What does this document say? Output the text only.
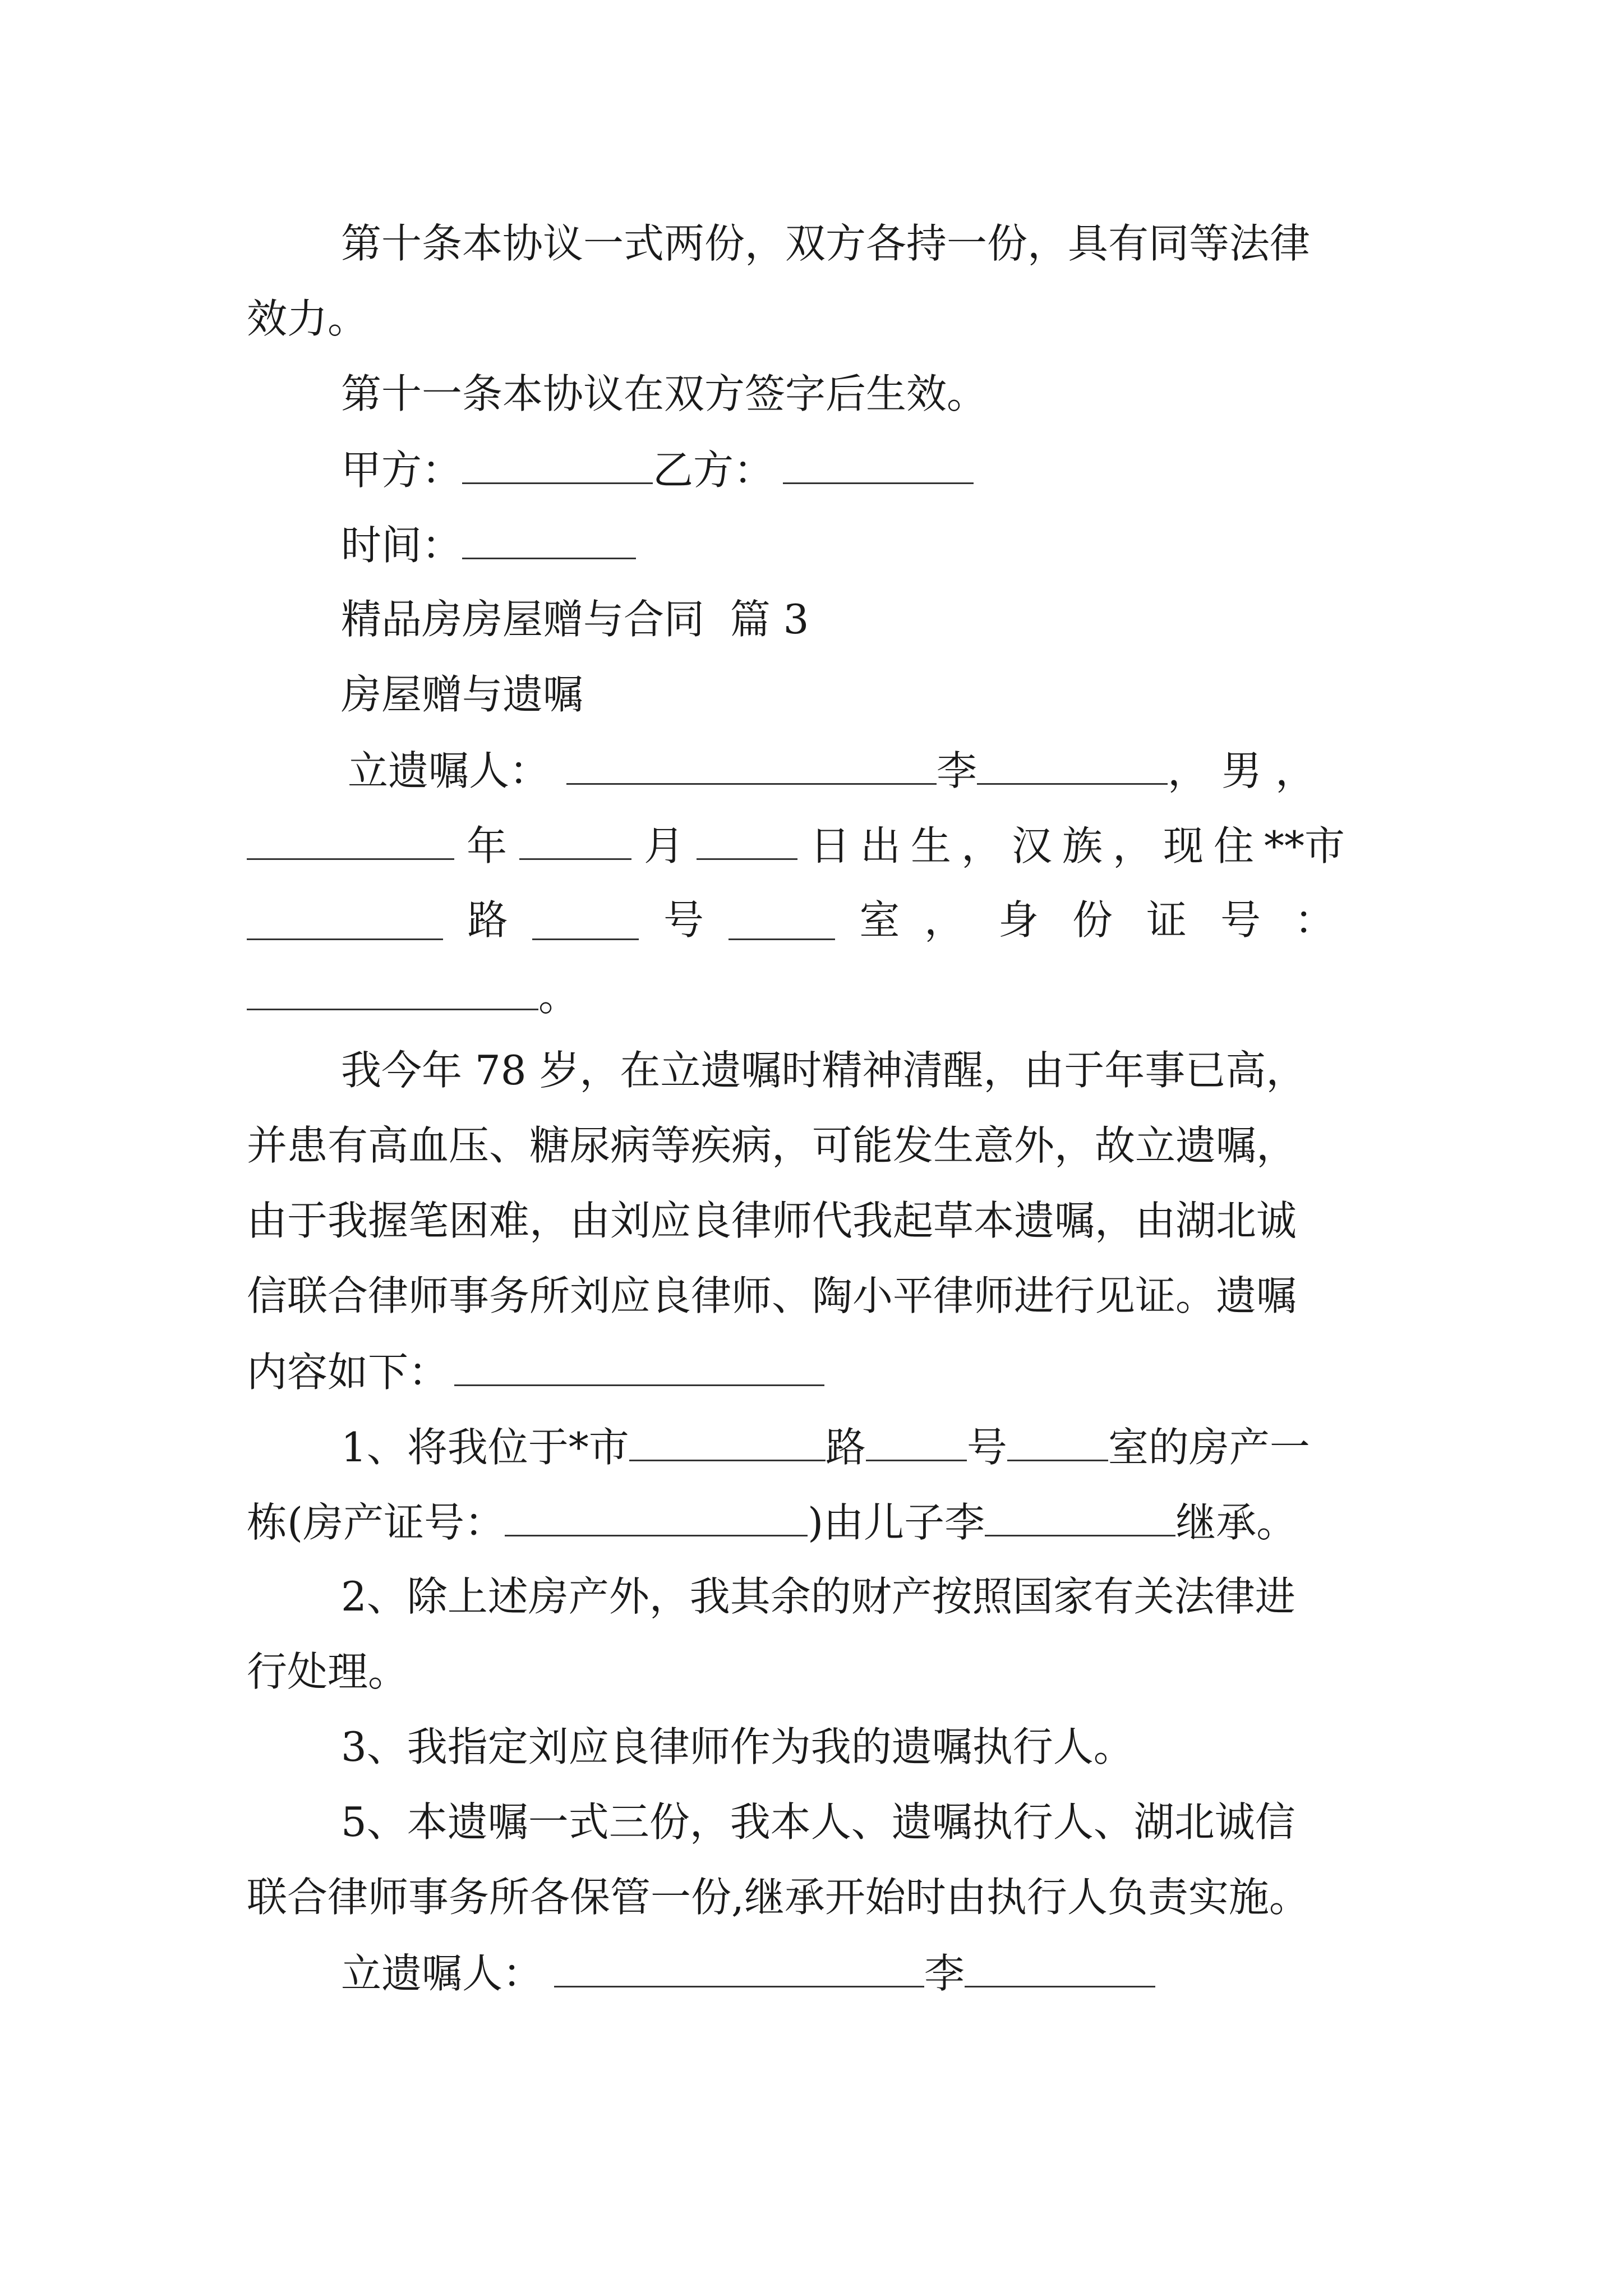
第十条本协议一式两份，双方各持一份，具有同等法律
效力。
第十一条本协议在双方签字后生效。
甲方：	乙方：
时间：
精品房房屋赠与合同  篇 3
房屋赠与遗嘱
立遗嘱人：	李	，男，
年	月	日出生，汉族，现住**市
路	号	室 ，身份证号：
。
我今年 78 岁，在立遗嘱时精神清醒，由于年事已高，
并患有高血压、糖尿病等疾病，可能发生意外，故立遗嘱，
由于我握笔困难，由刘应良律师代我起草本遗嘱，由湖北诚
信联合律师事务所刘应良律师、陶小平律师进行见证。遗嘱
内容如下：
1、将我位于*市	路	号	室的房产一
栋(房产证号：	)由儿子李	继承。
2、除上述房产外，我其余的财产按照国家有关法律进
行处理。
3、我指定刘应良律师作为我的遗嘱执行人。
5、本遗嘱一式三份，我本人、遗嘱执行人、湖北诚信
联合律师事务所各保管一份,继承开始时由执行人负责实施。
立遗嘱人：	李
